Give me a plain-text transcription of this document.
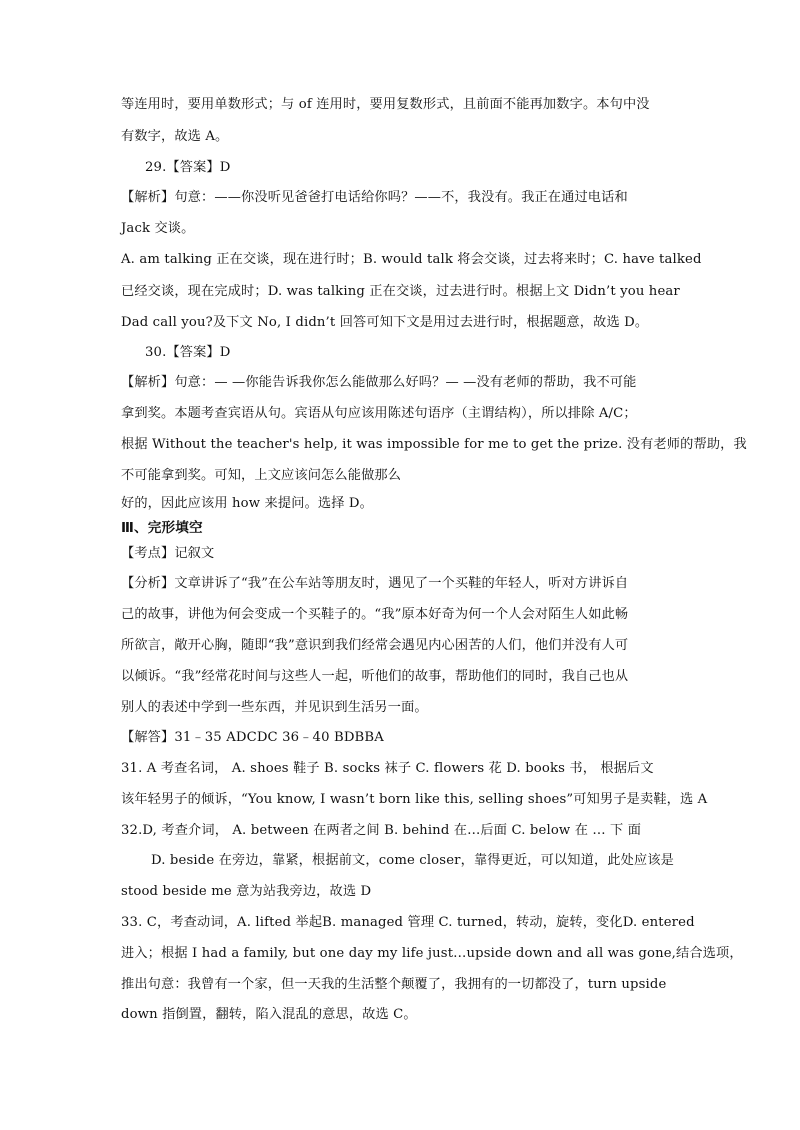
等连用时，要用单数形式；与 of 连用时，要用复数形式，且前面不能再加数字。本句中没
有数字，故选 A。
29.【答案】D
【解析】句意：——你没听见爸爸打电话给你吗？——不，我没有。我正在通过电话和
Jack 交谈。
A. am talking 正在交谈，现在进行时；B. would talk 将会交谈，过去将来时；C. have talked
已经交谈，现在完成时；D. was talking 正在交谈，过去进行时。根据上文 Didn’t you hear
Dad call you?及下文 No, I didn’t 回答可知下文是用过去进行时，根据题意，故选 D。
30.【答案】D
【解析】句意：— —你能告诉我你怎么能做那么好吗？— —没有老师的帮助，我不可能
拿到奖。本题考查宾语从句。宾语从句应该用陈述句语序（主谓结构），所以排除 A/C；
根据 Without the teacher's help, it was impossible for me to get the prize. 没有老师的帮助，我
不可能拿到奖。可知，上文应该问怎么能做那么
好的，因此应该用 how 来提问。选择 D。
Ⅲ、完形填空
【考点】记叙文
【分析】文章讲诉了“我”在公车站等朋友时，遇见了一个买鞋的年轻人，听对方讲诉自
己的故事，讲他为何会变成一个买鞋子的。“我”原本好奇为何一个人会对陌生人如此畅
所欲言，敞开心胸，随即“我”意识到我们经常会遇见内心困苦的人们，他们并没有人可
以倾诉。“我”经常花时间与这些人一起，听他们的故事，帮助他们的同时，我自己也从
别人的表述中学到一些东西，并见识到生活另一面。
【解答】31﹣35 ADCDC 36﹣40 BDBBA
31. A 考查名词， A. shoes 鞋子 B. socks 袜子 C. flowers 花 D. books 书， 根据后文
该年轻男子的倾诉，“You know, I wasn’t born like this, selling shoes”可知男子是卖鞋，选 A
32.D, 考查介词， A. between 在两者之间 B. behind 在…后面 C. below 在 … 下 面
D. beside 在旁边，靠紧，根据前文，come closer，靠得更近，可以知道，此处应该是
stood beside me 意为站我旁边，故选 D
33. C，考查动词，A. lifted 举起B. managed 管理 C. turned，转动，旋转，变化D. entered
进入；根据 I had a family, but one day my life just…upside down and all was gone,结合选项，
推出句意：我曾有一个家，但一天我的生活整个颠覆了，我拥有的一切都没了，turn upside
down 指倒置，翻转，陷入混乱的意思，故选 C。
